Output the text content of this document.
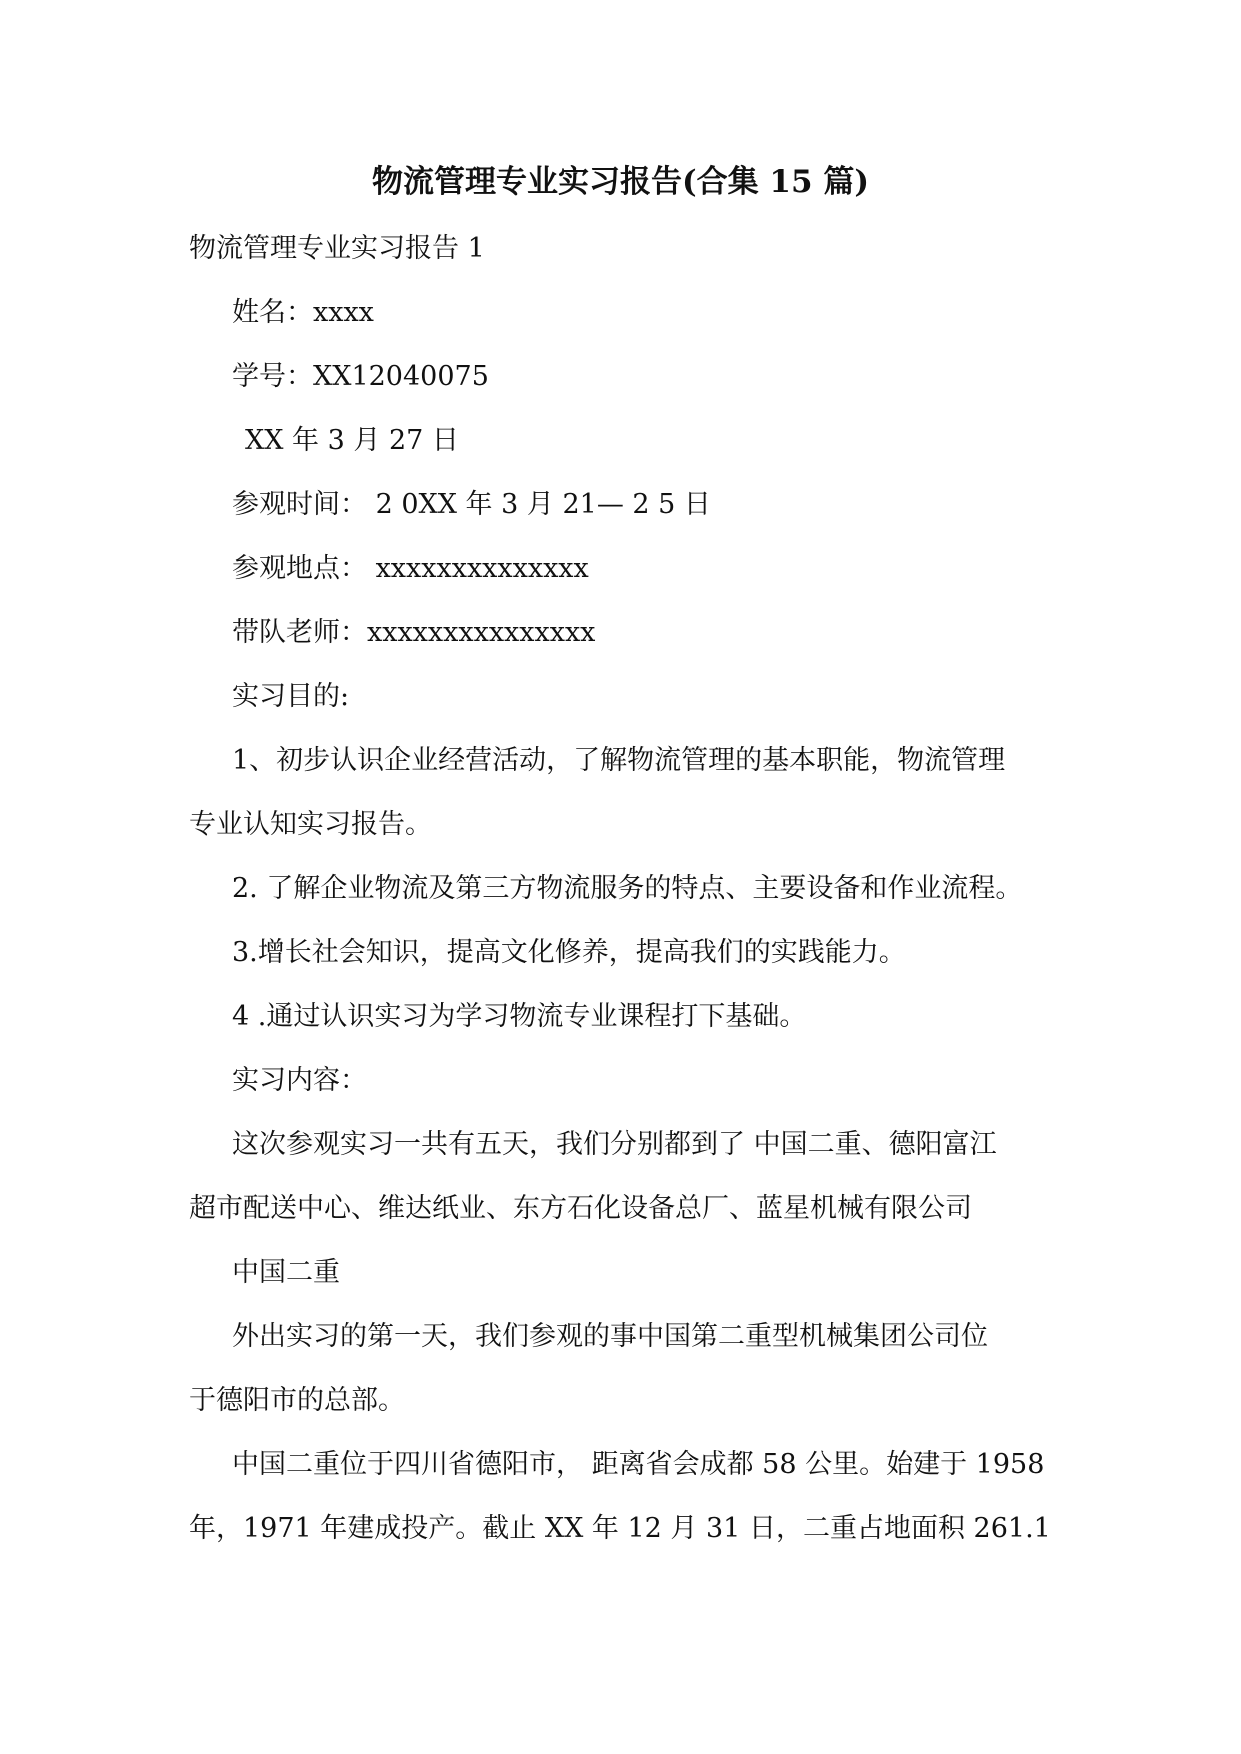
物流管理专业实习报告(合集 15 篇)
物流管理专业实习报告 1
姓名：xxxx
学号：XX12040075
XX 年 3 月 27 日
参观时间： 2 0XX 年 3 月 21— 2 5 日
参观地点： xxxxxxxxxxxxxx
带队老师：xxxxxxxxxxxxxxx
实习目的:
1、初步认识企业经营活动，了解物流管理的基本职能，物流管理
专业认知实习报告。
2. 了解企业物流及第三方物流服务的特点、主要设备和作业流程。
3.增长社会知识，提高文化修养，提高我们的实践能力。
4 .通过认识实习为学习物流专业课程打下基础。
实习内容：
这次参观实习一共有五天，我们分别都到了 中国二重、德阳富江
超市配送中心、维达纸业、东方石化设备总厂、蓝星机械有限公司
中国二重
外出实习的第一天，我们参观的事中国第二重型机械集团公司位
于德阳市的总部。
中国二重位于四川省德阳市， 距离省会成都 58 公里。始建于 1958
年，1971 年建成投产。截止 XX 年 12 月 31 日，二重占地面积 261.1
